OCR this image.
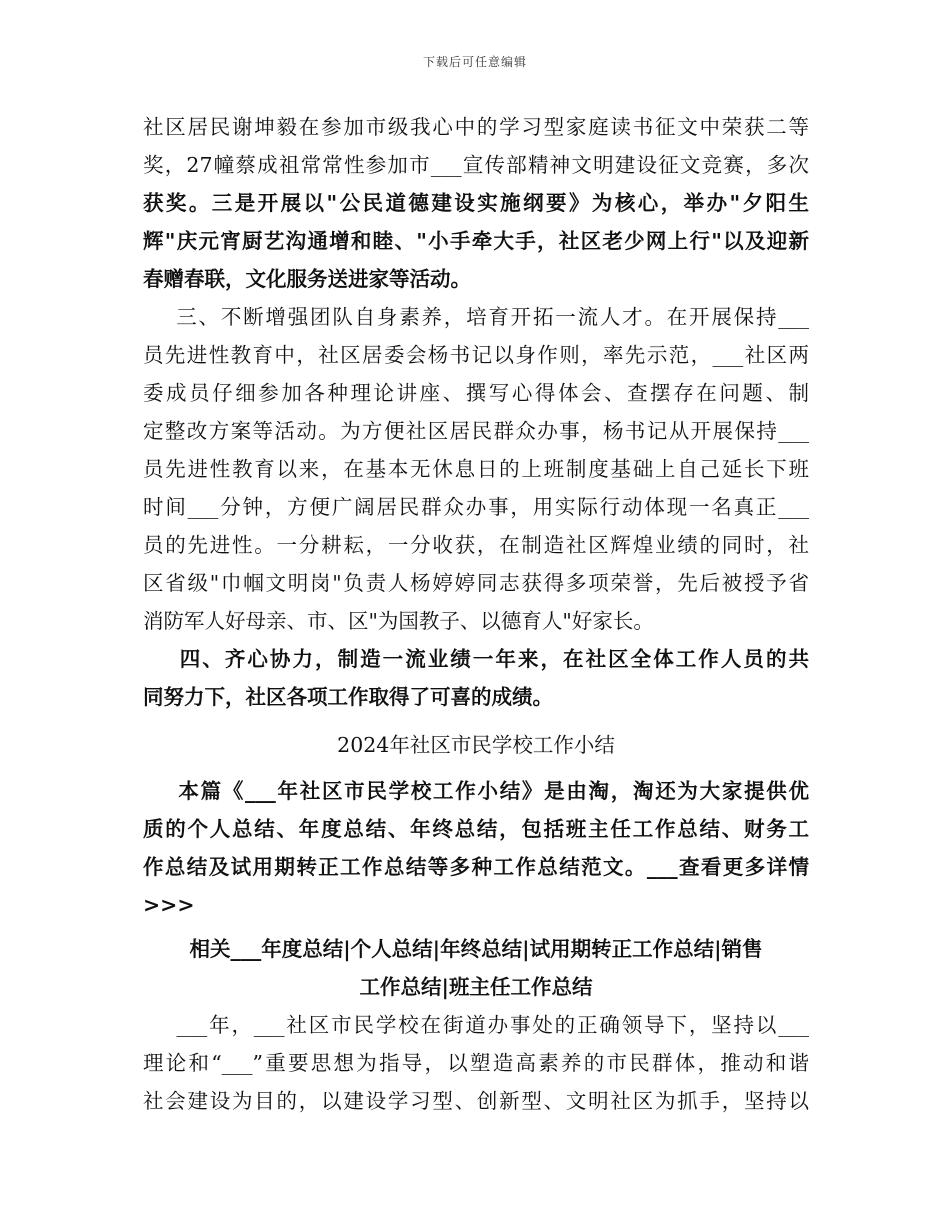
下载后可任意编辑
社区居民谢坤毅在参加市级我心中的学习型家庭读书征文中荣获二等
奖，27幢蔡成祖常常性参加市___宣传部精神文明建设征文竞赛，多次
获奖。三是开展以"公民道德建设实施纲要》为核心，举办"夕阳生
辉"庆元宵厨艺沟通增和睦、"小手牵大手，社区老少网上行"以及迎新
春赠春联，文化服务送进家等活动。
三、不断增强团队自身素养，培育开拓一流人才。在开展保持___
员先进性教育中，社区居委会杨书记以身作则，率先示范，___社区两
委成员仔细参加各种理论讲座、撰写心得体会、查摆存在问题、制
定整改方案等活动。为方便社区居民群众办事，杨书记从开展保持___
员先进性教育以来，在基本无休息日的上班制度基础上自己延长下班
时间___分钟，方便广阔居民群众办事，用实际行动体现一名真正___
员的先进性。一分耕耘，一分收获，在制造社区辉煌业绩的同时，社
区省级"巾帼文明岗"负责人杨婷婷同志获得多项荣誉，先后被授予省
消防军人好母亲、市、区"为国教子、以德育人"好家长。
四、齐心协力，制造一流业绩一年来，在社区全体工作人员的共
同努力下，社区各项工作取得了可喜的成绩。
2024年社区市民学校工作小结
本篇《___年社区市民学校工作小结》是由淘，淘还为大家提供优
质的个人总结、年度总结、年终总结，包括班主任工作总结、财务工
作总结及试用期转正工作总结等多种工作总结范文。___查看更多详情
>>>
相关___年度总结|个人总结|年终总结|试用期转正工作总结|销售
工作总结|班主任工作总结
___年，___社区市民学校在街道办事处的正确领导下，坚持以___
理论和“___”重要思想为指导，以塑造高素养的市民群体，推动和谐
社会建设为目的，以建设学习型、创新型、文明社区为抓手，坚持以
